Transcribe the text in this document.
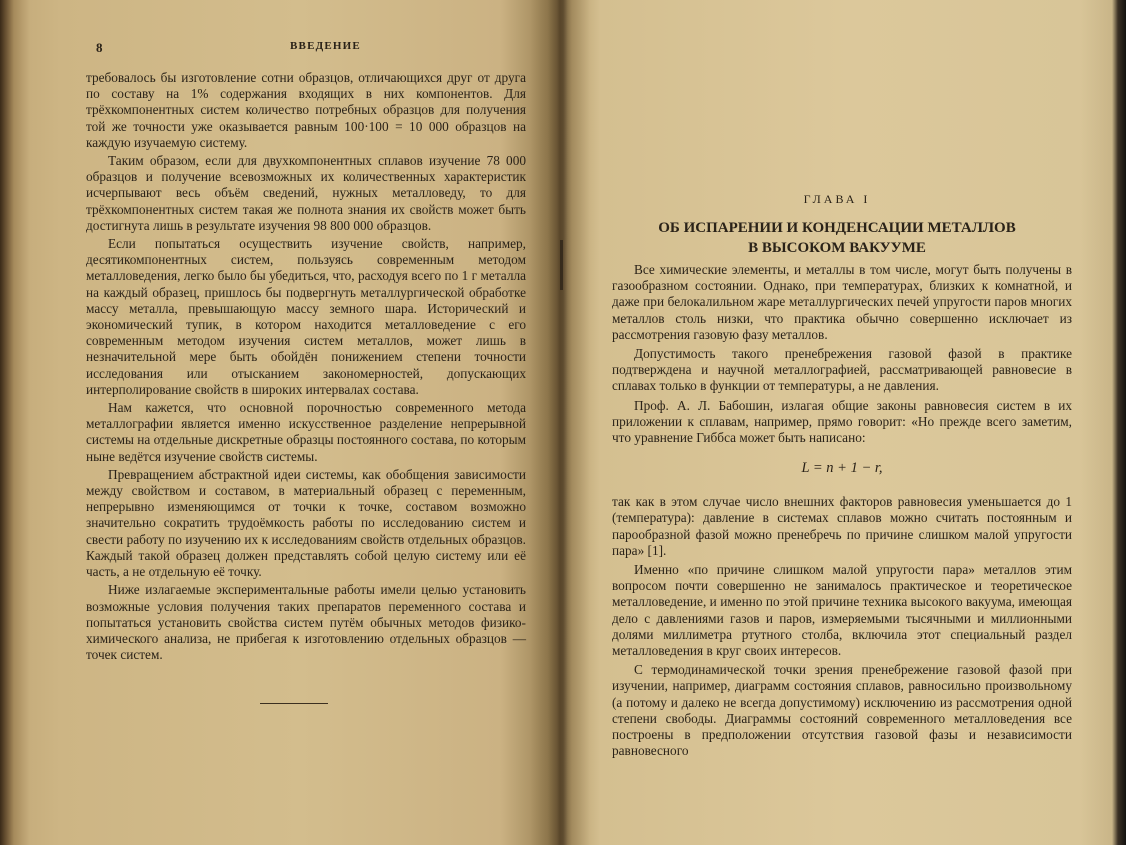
8	ВВЕДЕНИЕ

требовалось бы изготовление сотни образцов, отличающихся друг от друга по составу на 1% содержания входящих в них компонентов. Для трёхкомпонентных систем количество потребных образцов для получения той же точности уже оказывается равным 100·100 = 10 000 образцов на каждую изучаемую систему.

Таким образом, если для двухкомпонентных сплавов изучение 78 000 образцов и получение всевозможных их количественных характеристик исчерпывают весь объём сведений, нужных металловеду, то для трёхкомпонентных систем такая же полнота знания их свойств может быть достигнута лишь в результате изучения 98 800 000 образцов.

Если попытаться осуществить изучение свойств, например, десятикомпонентных систем, пользуясь современным методом металловедения, легко было бы убедиться, что, расходуя всего по 1 г металла на каждый образец, пришлось бы подвергнуть металлургической обработке массу металла, превышающую массу земного шара. Исторический и экономический тупик, в котором находится металловедение с его современным методом изучения систем металлов, может лишь в незначительной мере быть обойдён понижением степени точности исследования или отысканием закономерностей, допускающих интерполирование свойств в широких интервалах состава.

Нам кажется, что основной порочностью современного метода металлографии является именно искусственное разделение непрерывной системы на отдельные дискретные образцы постоянного состава, по которым ныне ведётся изучение свойств системы.

Превращением абстрактной идеи системы, как обобщения зависимости между свойством и составом, в материальный образец с переменным, непрерывно изменяющимся от точки к точке, составом возможно значительно сократить трудоёмкость работы по исследованию систем и свести работу по изучению их к исследованиям свойств отдельных образцов. Каждый такой образец должен представлять собой целую систему или её часть, а не отдельную её точку.

Ниже излагаемые экспериментальные работы имели целью установить возможные условия получения таких препаратов переменного состава и попытаться установить свойства систем путём обычных методов физико-химического анализа, не прибегая к изготовлению отдельных образцов — точек систем.

ГЛАВА I
ОБ ИСПАРЕНИИ И КОНДЕНСАЦИИ МЕТАЛЛОВ
В ВЫСОКОМ ВАКУУМЕ

Все химические элементы, и металлы в том числе, могут быть получены в газообразном состоянии. Однако, при температурах, близких к комнатной, и даже при белокалильном жаре металлургических печей упругости паров многих металлов столь низки, что практика обычно совершенно исключает из рассмотрения газовую фазу металлов.

Допустимость такого пренебрежения газовой фазой в практике подтверждена и научной металлографией, рассматривающей равновесие в сплавах только в функции от температуры, а не давления.

Проф. А. Л. Бабошин, излагая общие законы равновесия систем в их приложении к сплавам, например, прямо говорит: «Но прежде всего заметим, что уравнение Гиббса может быть написано:

L = n + 1 − r,

так как в этом случае число внешних факторов равновесия уменьшается до 1 (температура): давление в системах сплавов можно считать постоянным и парообразной фазой можно пренебречь по причине слишком малой упругости пара» [1].

Именно «по причине слишком малой упругости пара» металлов этим вопросом почти совершенно не занималось практическое и теоретическое металловедение, и именно по этой причине техника высокого вакуума, имеющая дело с давлениями газов и паров, измеряемыми тысячными и миллионными долями миллиметра ртутного столба, включила этот специальный раздел металловедения в круг своих интересов.

С термодинамической точки зрения пренебрежение газовой фазой при изучении, например, диаграмм состояния сплавов, равносильно произвольному (а потому и далеко не всегда допустимому) исключению из рассмотрения одной степени свободы. Диаграммы состояний современного металловедения все построены в предположении отсутствия газовой фазы и независимости равновесного
